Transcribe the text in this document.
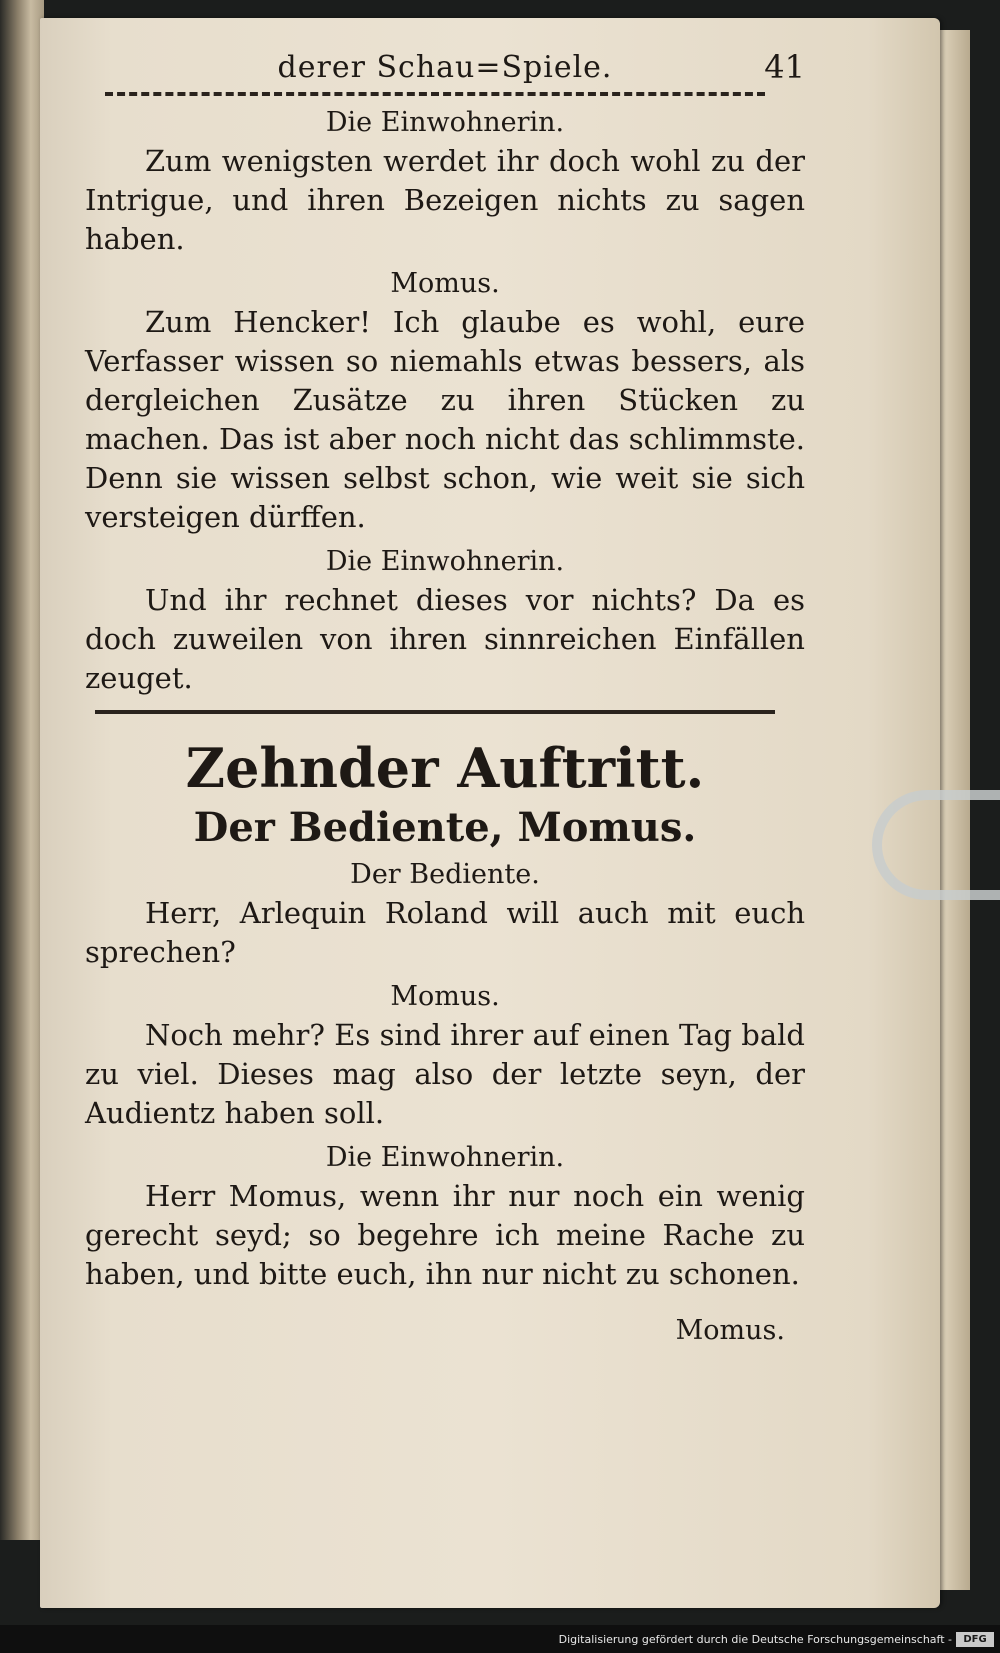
derer Schau=Spiele.	41

Die Einwohnerin.

Zum wenigsten werdet ihr doch wohl zu der Intrigue, und ihren Bezeigen nichts zu sagen haben.

Momus.

Zum Hencker! Ich glaube es wohl, eure Verfasser wissen so niemahls etwas bessers, als dergleichen Zusätze zu ihren Stücken zu machen. Das ist aber noch nicht das schlimmste. Denn sie wissen selbst schon, wie weit sie sich versteigen dürffen.

Die Einwohnerin.

Und ihr rechnet dieses vor nichts? Da es doch zuweilen von ihren sinnreichen Einfällen zeuget.

Zehnder Auftritt.
Der Bediente, Momus.

Der Bediente.

Herr, Arlequin Roland will auch mit euch sprechen?

Momus.

Noch mehr? Es sind ihrer auf einen Tag bald zu viel. Dieses mag also der letzte seyn, der Audientz haben soll.

Die Einwohnerin.

Herr Momus, wenn ihr nur noch ein wenig gerecht seyd; so begehre ich meine Rache zu haben, und bitte euch, ihn nur nicht zu schonen.

Momus.

Digitalisierung gefördert durch die Deutsche Forschungsgemeinschaft -	DFG
